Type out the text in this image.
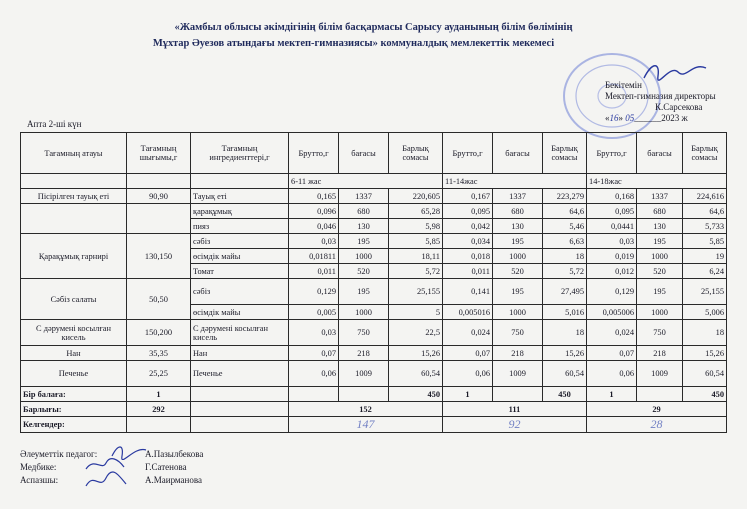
«Жамбыл облысы әкімдігінің білім басқармасы Сарысу ауданының білім бөлімінің
Мұхтар Әуезов атындағы мектеп-гимназиясы» коммуналдық мемлекеттік мекемесі
Бекітемін
Мектеп-гимназия директоры
К.Сарсекова
«16» 05______2023 ж
Апта 2-ші күн
Тағамның атауы	Тағамның шығымы,г	Тағамның ингредиенттері,г	Брутто,г	бағасы	Барлық сомасы	Брутто,г	бағасы	Барлық сомасы	Брутто,г	бағасы	Барлық сомасы
			6-11 жас			11-14жас			14-18жас		
Пісірілген тауық еті	90,90	Тауық еті	0,165	1337	220,605	0,167	1337	223,279	0,168	1337	224,616
		қарақұмық	0,096	680	65,28	0,095	680	64,6	0,095	680	64,6
		пияз	0,046	130	5,98	0,042	130	5,46	0,0441	130	5,733
Қарақұмық гарнирі	130,150	сәбіз	0,03	195	5,85	0,034	195	6,63	0,03	195	5,85
		өсімдік майы	0,01811	1000	18,11	0,018	1000	18	0,019	1000	19
		Томат	0,011	520	5,72	0,011	520	5,72	0,012	520	6,24
Сәбіз салаты	50,50	сәбіз	0,129	195	25,155	0,141	195	27,495	0,129	195	25,155
		өсімдік майы	0,005	1000	5	0,005016	1000	5,016	0,005006	1000	5,006
С дәрумені косылған кисель	150,200	С дәрумені косылған кисель	0,03	750	22,5	0,024	750	18	0,024	750	18
Нан	35,35	Нан	0,07	218	15,26	0,07	218	15,26	0,07	218	15,26
Печенье	25,25	Печенье	0,06	1009	60,54	0,06	1009	60,54	0,06	1009	60,54
Бір балаға:	1				450	1		450	1		450
Барлығы:	292		152			111			29		
Келгендер:			147			92			28		
Әлеуметтік педагог:	А.Пазылбекова
Медбике:	Г.Сатенова
Аспазшы:	А.Маирманова
